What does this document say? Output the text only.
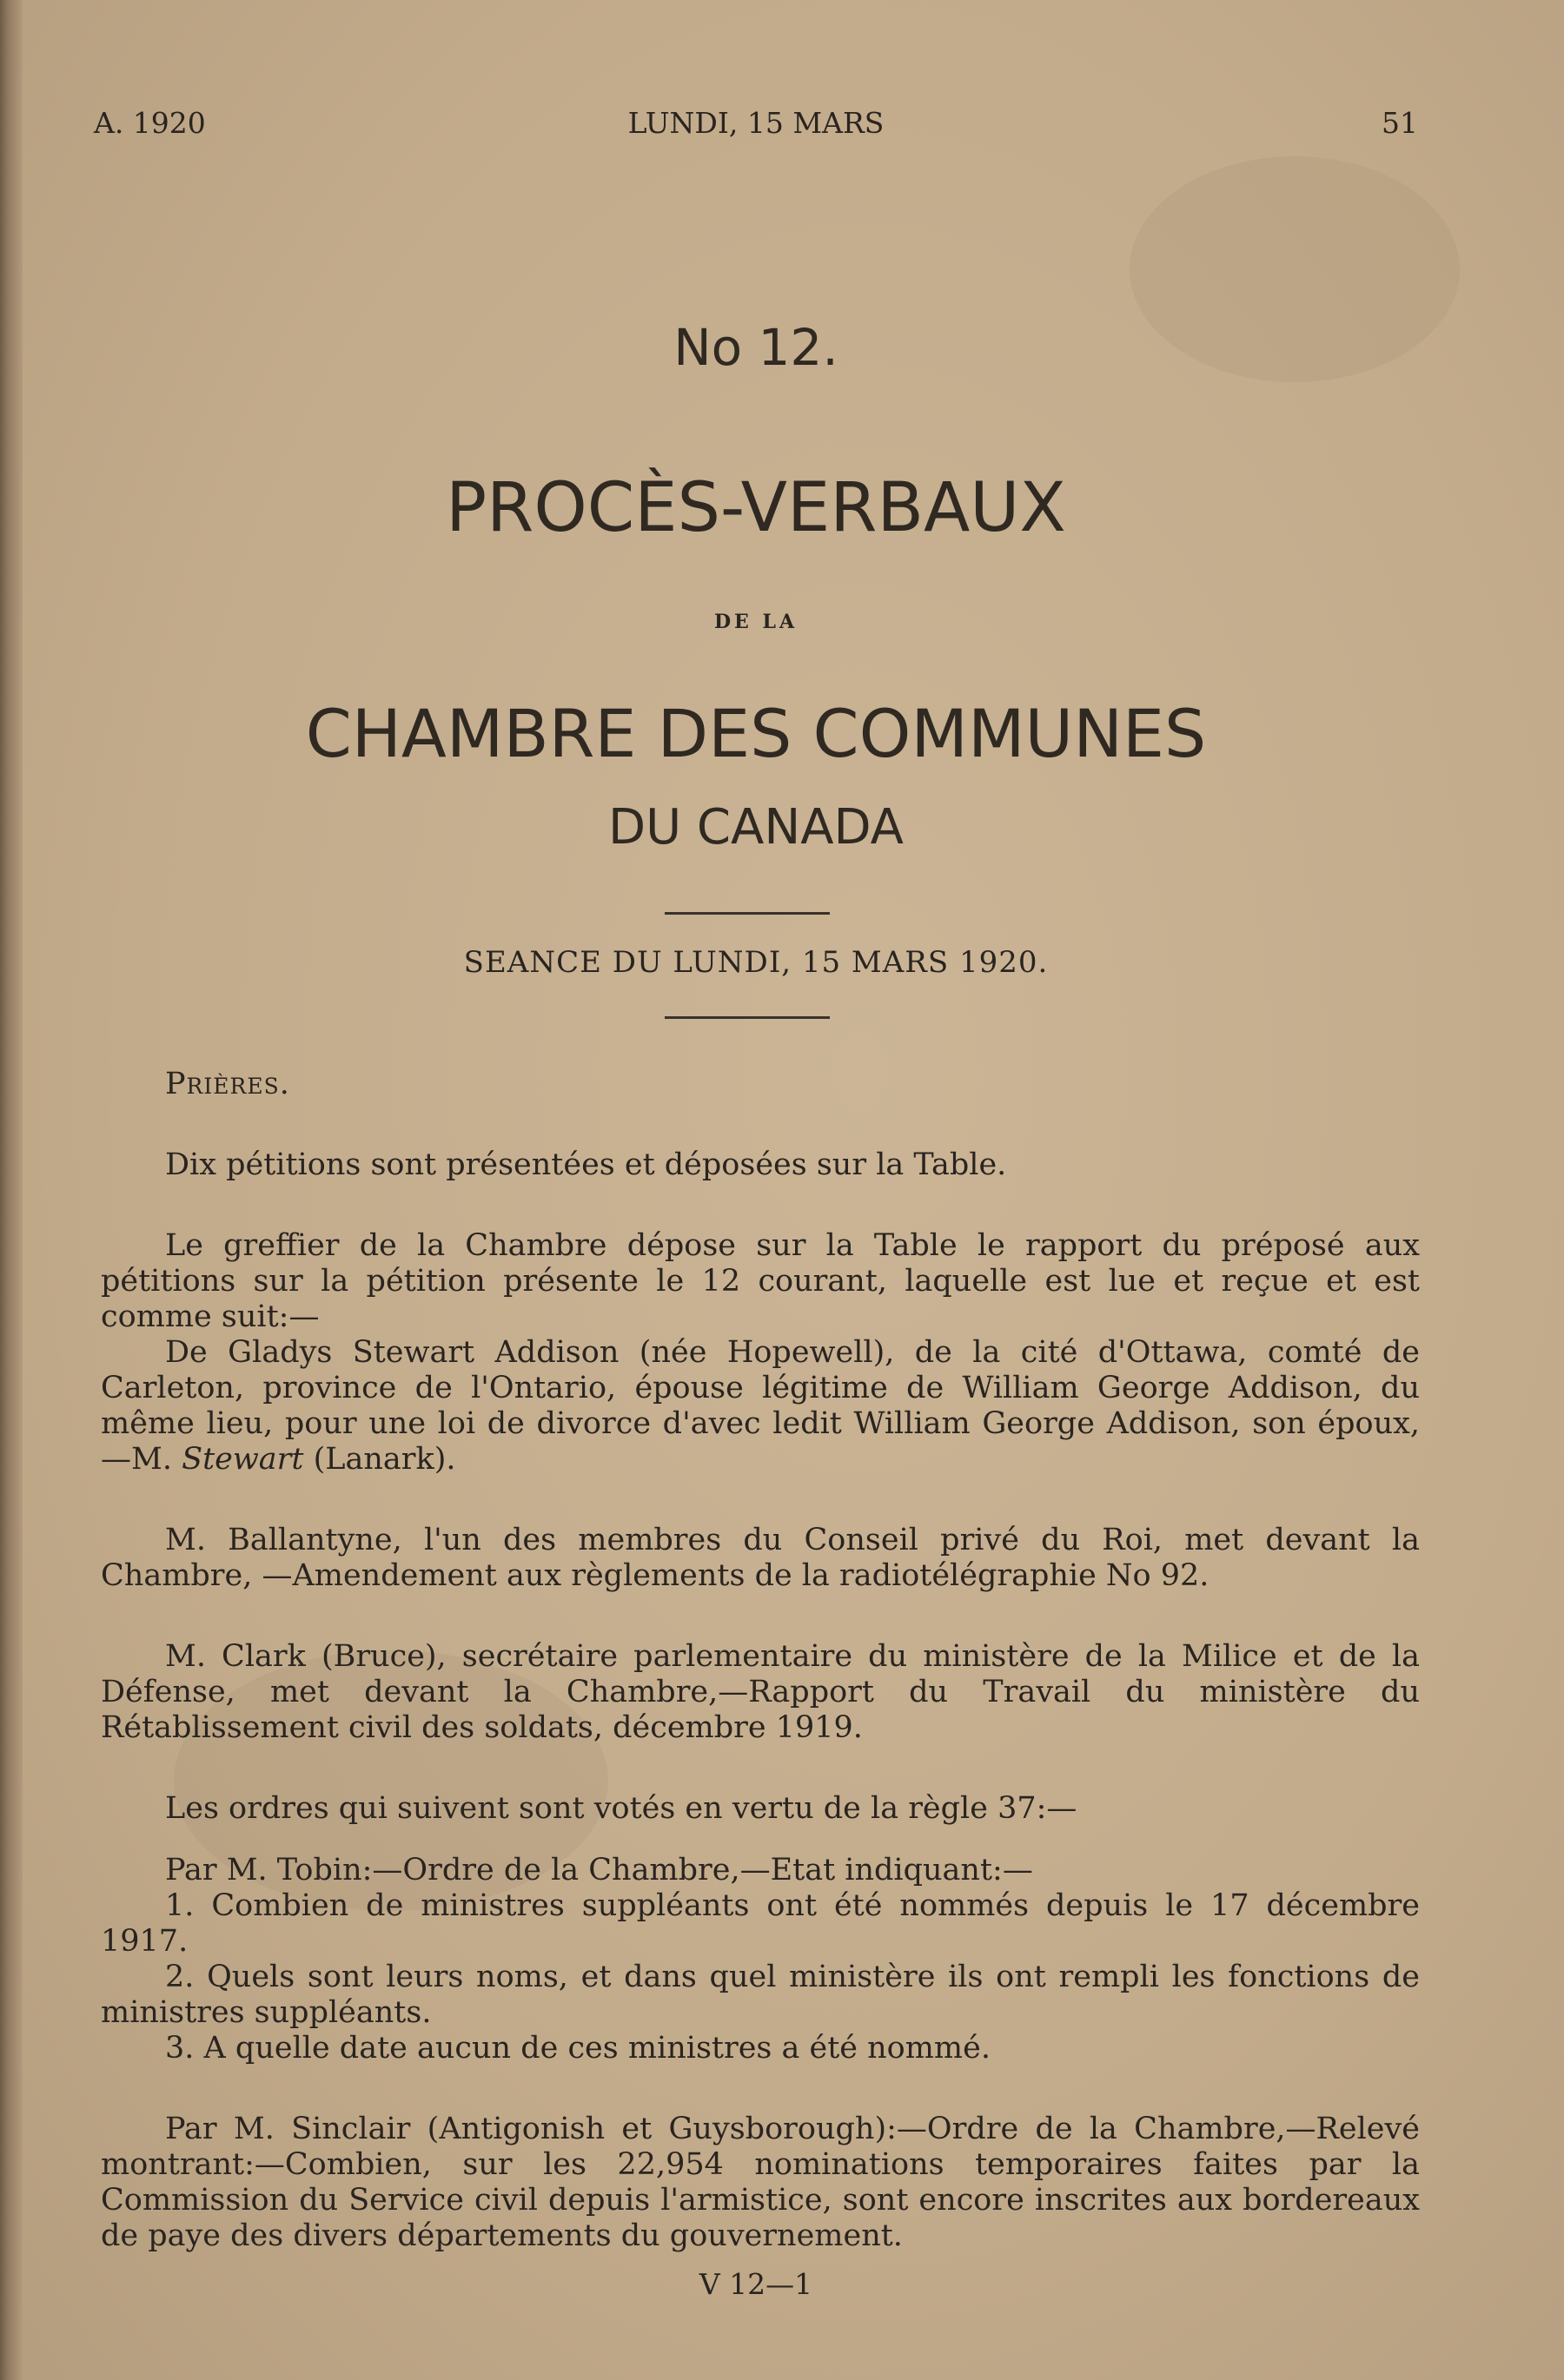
A. 1920	LUNDI, 15 MARS	51
No 12.
PROCÈS-VERBAUX
DE LA
CHAMBRE DES COMMUNES
DU CANADA
SEANCE DU LUNDI, 15 MARS 1920.

Prières.

Dix pétitions sont présentées et déposées sur la Table.

Le greffier de la Chambre dépose sur la Table le rapport du préposé aux pétitions sur la pétition présente le 12 courant, laquelle est lue et reçue et est comme suit:—

De Gladys Stewart Addison (née Hopewell), de la cité d'Ottawa, comté de Carleton, province de l'Ontario, épouse légitime de William George Addison, du même lieu, pour une loi de divorce d'avec ledit William George Addison, son époux,—M. Stewart (Lanark).

M. Ballantyne, l'un des membres du Conseil privé du Roi, met devant la Chambre, —Amendement aux règlements de la radiotélégraphie No 92.

M. Clark (Bruce), secrétaire parlementaire du ministère de la Milice et de la Défense, met devant la Chambre,—Rapport du Travail du ministère du Rétablissement civil des soldats, décembre 1919.

Les ordres qui suivent sont votés en vertu de la règle 37:—

Par M. Tobin:—Ordre de la Chambre,—Etat indiquant:—

1. Combien de ministres suppléants ont été nommés depuis le 17 décembre 1917.

2. Quels sont leurs noms, et dans quel ministère ils ont rempli les fonctions de ministres suppléants.

3. A quelle date aucun de ces ministres a été nommé.

Par M. Sinclair (Antigonish et Guysborough):—Ordre de la Chambre,—Relevé montrant:—Combien, sur les 22,954 nominations temporaires faites par la Commission du Service civil depuis l'armistice, sont encore inscrites aux bordereaux de paye des divers départements du gouvernement.

V 12—1
